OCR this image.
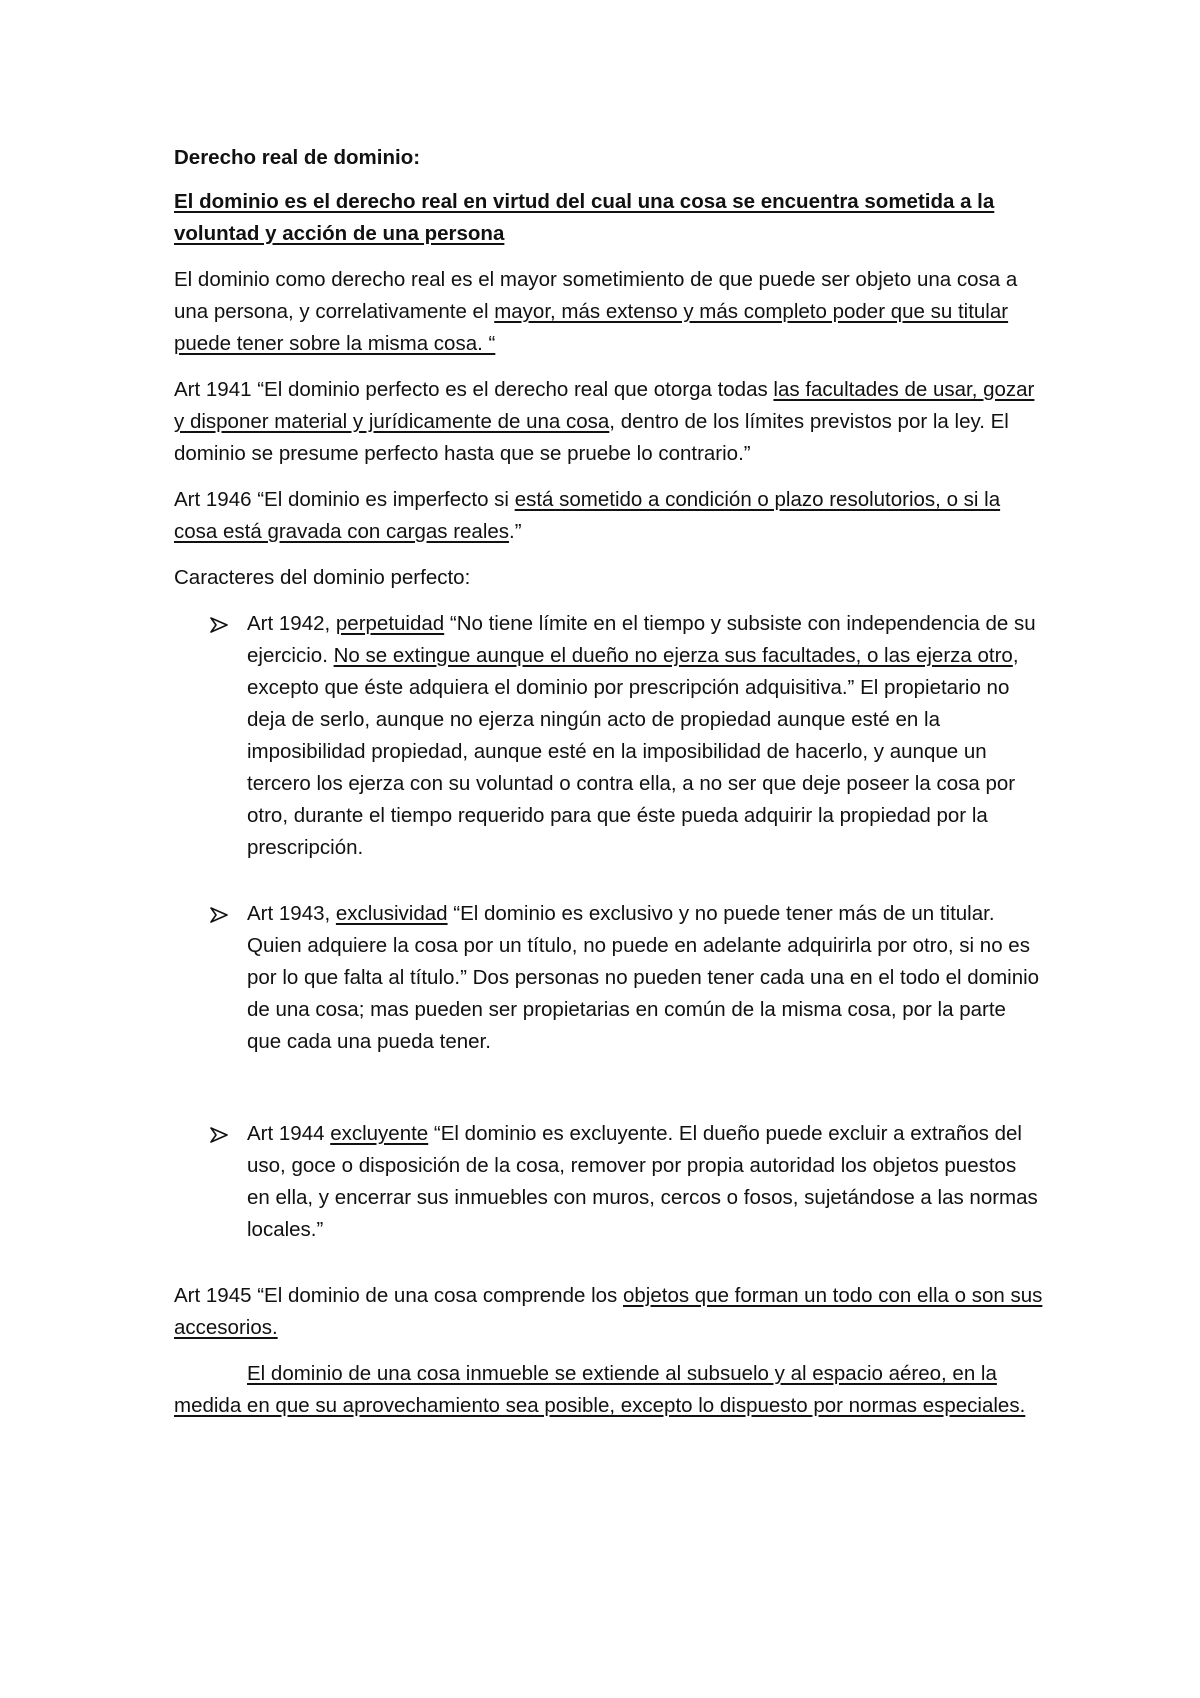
Derecho real de dominio:

El dominio es el derecho real en virtud del cual una cosa se encuentra sometida a la voluntad y acción de una persona

El dominio como derecho real es el mayor sometimiento de que puede ser objeto una cosa a una persona, y correlativamente el mayor, más extenso y más completo poder que su titular puede tener sobre la misma cosa. “

Art 1941 “El dominio perfecto es el derecho real que otorga todas las facultades de usar, gozar y disponer material y jurídicamente de una cosa, dentro de los límites previstos por la ley. El dominio se presume perfecto hasta que se pruebe lo contrario.”

Art 1946 “El dominio es imperfecto si está sometido a condición o plazo resolutorios, o si la cosa está gravada con cargas reales.”

Caracteres del dominio perfecto:

Art 1942, perpetuidad “No tiene límite en el tiempo y subsiste con independencia de su ejercicio. No se extingue aunque el dueño no ejerza sus facultades, o las ejerza otro, excepto que éste adquiera el dominio por prescripción adquisitiva.” El propietario no deja de serlo, aunque no ejerza ningún acto de propiedad aunque esté en la imposibilidad propiedad, aunque esté en la imposibilidad de hacerlo, y aunque un tercero los ejerza con su voluntad o contra ella, a no ser que deje poseer la cosa por otro, durante el tiempo requerido para que éste pueda adquirir la propiedad por la prescripción.
Art 1943, exclusividad “El dominio es exclusivo y no puede tener más de un titular. Quien adquiere la cosa por un título, no puede en adelante adquirirla por otro, si no es por lo que falta al título.” Dos personas no pueden tener cada una en el todo el dominio de una cosa; mas pueden ser propietarias en común de la misma cosa, por la parte que cada una pueda tener.
Art 1944 excluyente “El dominio es excluyente. El dueño puede excluir a extraños del uso, goce o disposición de la cosa, remover por propia autoridad los objetos puestos en ella, y encerrar sus inmuebles con muros, cercos o fosos, sujetándose a las normas locales.”

Art 1945 “El dominio de una cosa comprende los objetos que forman un todo con ella o son sus accesorios.

El dominio de una cosa inmueble se extiende al subsuelo y al espacio aéreo, en la medida en que su aprovechamiento sea posible, excepto lo dispuesto por normas especiales.
